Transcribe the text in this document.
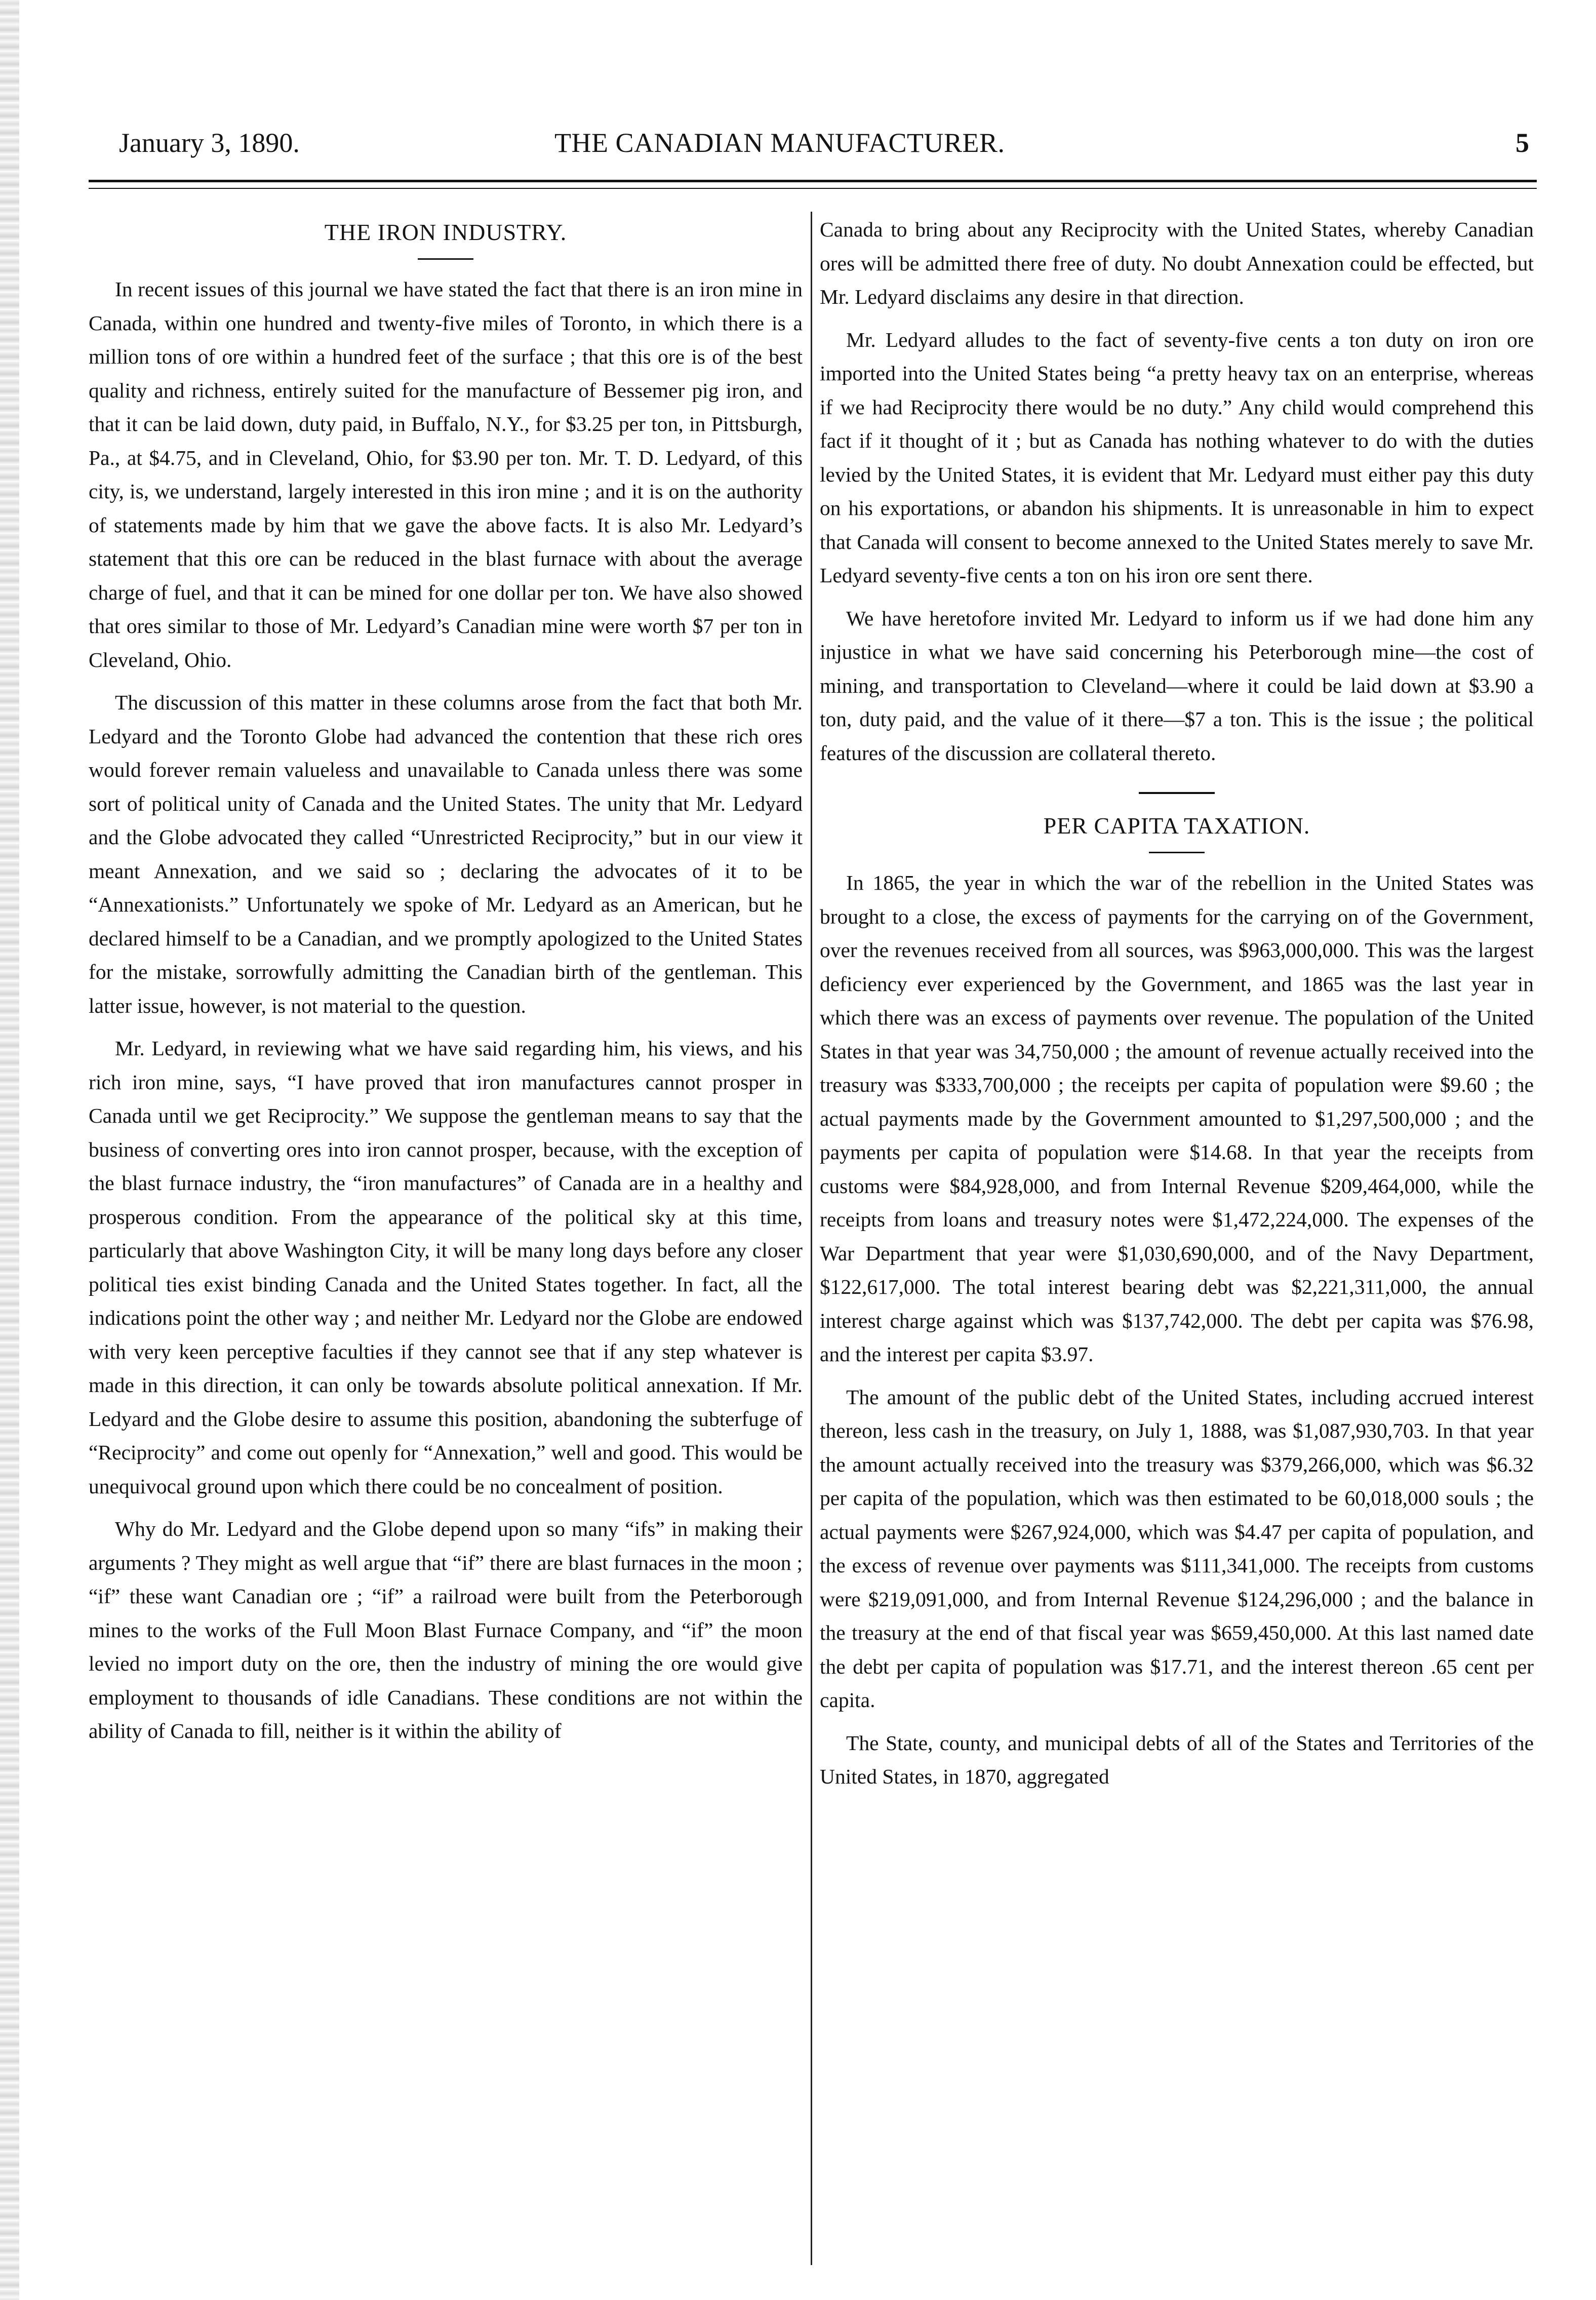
January 3, 1890.	THE CANADIAN MANUFACTURER.	5
THE IRON INDUSTRY.

In recent issues of this journal we have stated the fact that there is an iron mine in Canada, within one hundred and twenty-five miles of Toronto, in which there is a million tons of ore within a hundred feet of the surface ; that this ore is of the best quality and richness, entirely suited for the manufacture of Bessemer pig iron, and that it can be laid down, duty paid, in Buffalo, N.Y., for $3.25 per ton, in Pittsburgh, Pa., at $4.75, and in Cleveland, Ohio, for $3.90 per ton. Mr. T. D. Ledyard, of this city, is, we understand, largely interested in this iron mine ; and it is on the authority of statements made by him that we gave the above facts. It is also Mr. Ledyard’s statement that this ore can be reduced in the blast furnace with about the average charge of fuel, and that it can be mined for one dollar per ton. We have also showed that ores similar to those of Mr. Ledyard’s Canadian mine were worth $7 per ton in Cleveland, Ohio.

The discussion of this matter in these columns arose from the fact that both Mr. Ledyard and the Toronto Globe had advanced the contention that these rich ores would forever remain valueless and unavailable to Canada unless there was some sort of political unity of Canada and the United States. The unity that Mr. Ledyard and the Globe advocated they called “Unrestricted Reciprocity,” but in our view it meant Annexation, and we said so ; declaring the advocates of it to be “Annexationists.” Unfortunately we spoke of Mr. Ledyard as an American, but he declared himself to be a Canadian, and we promptly apologized to the United States for the mistake, sorrowfully admitting the Canadian birth of the gentleman. This latter issue, however, is not material to the question.

Mr. Ledyard, in reviewing what we have said regarding him, his views, and his rich iron mine, says, “I have proved that iron manufactures cannot prosper in Canada until we get Reciprocity.” We suppose the gentleman means to say that the business of converting ores into iron cannot prosper, because, with the exception of the blast furnace industry, the “iron manufactures” of Canada are in a healthy and prosperous condition. From the appearance of the political sky at this time, particularly that above Washington City, it will be many long days before any closer political ties exist binding Canada and the United States together. In fact, all the indications point the other way ; and neither Mr. Ledyard nor the Globe are endowed with very keen perceptive faculties if they cannot see that if any step whatever is made in this direction, it can only be towards absolute political annexation. If Mr. Ledyard and the Globe desire to assume this position, abandoning the subterfuge of “Reciprocity” and come out openly for “Annexation,” well and good. This would be unequivocal ground upon which there could be no concealment of position.

Why do Mr. Ledyard and the Globe depend upon so many “ifs” in making their arguments ? They might as well argue that “if” there are blast furnaces in the moon ; “if” these want Canadian ore ; “if” a railroad were built from the Peterborough mines to the works of the Full Moon Blast Furnace Company, and “if” the moon levied no import duty on the ore, then the industry of mining the ore would give employment to thousands of idle Canadians. These conditions are not within the ability of Canada to fill, neither is it within the ability of

Canada to bring about any Reciprocity with the United States, whereby Canadian ores will be admitted there free of duty. No doubt Annexation could be effected, but Mr. Ledyard disclaims any desire in that direction.

Mr. Ledyard alludes to the fact of seventy-five cents a ton duty on iron ore imported into the United States being “a pretty heavy tax on an enterprise, whereas if we had Reciprocity there would be no duty.” Any child would comprehend this fact if it thought of it ; but as Canada has nothing whatever to do with the duties levied by the United States, it is evident that Mr. Ledyard must either pay this duty on his exportations, or abandon his shipments. It is unreasonable in him to expect that Canada will consent to become annexed to the United States merely to save Mr. Ledyard seventy-five cents a ton on his iron ore sent there.

We have heretofore invited Mr. Ledyard to inform us if we had done him any injustice in what we have said concerning his Peterborough mine—the cost of mining, and transportation to Cleveland—where it could be laid down at $3.90 a ton, duty paid, and the value of it there—$7 a ton. This is the issue ; the political features of the discussion are collateral thereto.

PER CAPITA TAXATION.

In 1865, the year in which the war of the rebellion in the United States was brought to a close, the excess of payments for the carrying on of the Government, over the revenues received from all sources, was $963,000,000. This was the largest deficiency ever experienced by the Government, and 1865 was the last year in which there was an excess of payments over revenue. The population of the United States in that year was 34,750,000 ; the amount of revenue actually received into the treasury was $333,700,000 ; the receipts per capita of population were $9.60 ; the actual payments made by the Government amounted to $1,297,500,000 ; and the payments per capita of population were $14.68. In that year the receipts from customs were $84,928,000, and from Internal Revenue $209,464,000, while the receipts from loans and treasury notes were $1,472,224,000. The expenses of the War Department that year were $1,030,690,000, and of the Navy Department, $122,617,000. The total interest bearing debt was $2,221,311,000, the annual interest charge against which was $137,742,000. The debt per capita was $76.98, and the interest per capita $3.97.

The amount of the public debt of the United States, including accrued interest thereon, less cash in the treasury, on July 1, 1888, was $1,087,930,703. In that year the amount actually received into the treasury was $379,266,000, which was $6.32 per capita of the population, which was then estimated to be 60,018,000 souls ; the actual payments were $267,924,000, which was $4.47 per capita of population, and the excess of revenue over payments was $111,341,000. The receipts from customs were $219,091,000, and from Internal Revenue $124,296,000 ; and the balance in the treasury at the end of that fiscal year was $659,450,000. At this last named date the debt per capita of population was $17.71, and the interest thereon .65 cent per capita.

The State, county, and municipal debts of all of the States and Territories of the United States, in 1870, aggregated
